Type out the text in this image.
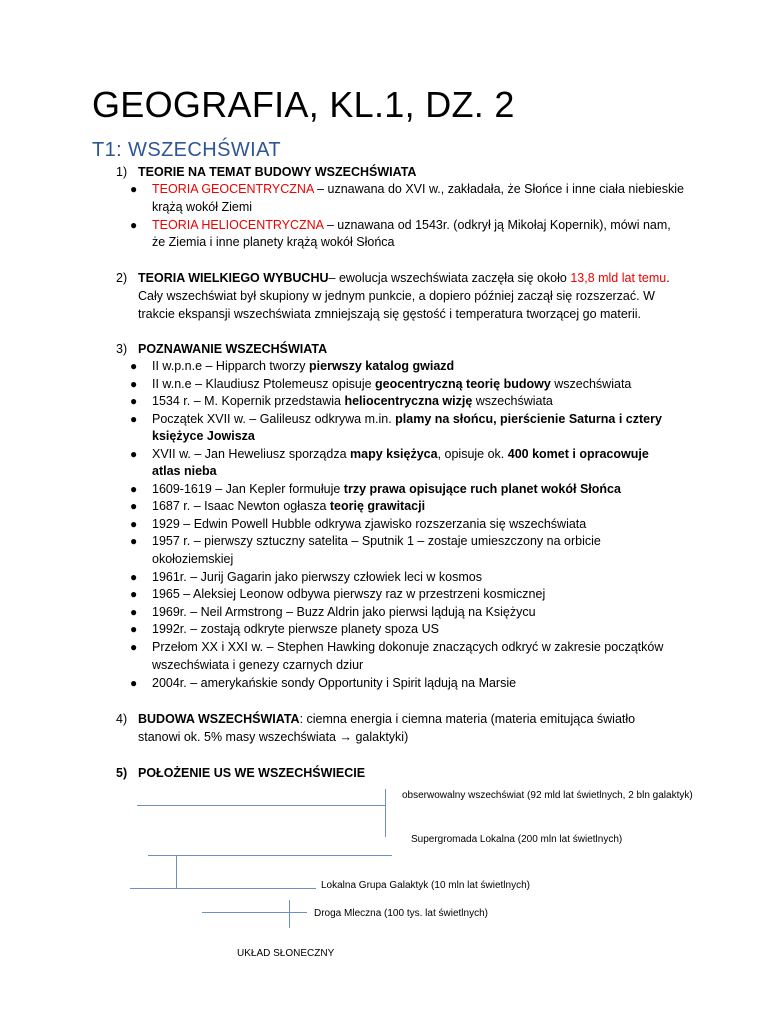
GEOGRAFIA, KL.1, DZ. 2
T1: WSZECHŚWIAT
1) TEORIE NA TEMAT BUDOWY WSZECHŚWIATA
● TEORIA GEOCENTRYCZNA – uznawana do XVI w., zakładała, że Słońce i inne ciała niebieskie
krążą wokół Ziemi
● TEORIA HELIOCENTRYCZNA – uznawana od 1543r. (odkrył ją Mikołaj Kopernik), mówi nam,
że Ziemia i inne planety krążą wokół Słońca
2) TEORIA WIELKIEGO WYBUCHU– ewolucja wszechświata zaczęła się około 13,8 mld lat temu.
Cały wszechświat był skupiony w jednym punkcie, a dopiero później zaczął się rozszerzać. W
trakcie ekspansji wszechświata zmniejszają się gęstość i temperatura tworzącej go materii.
3) POZNAWANIE WSZECHŚWIATA
● II w.p.n.e – Hipparch tworzy pierwszy katalog gwiazd
● II w.n.e – Klaudiusz Ptolemeusz opisuje geocentryczną teorię budowy wszechświata
● 1534 r. – M. Kopernik przedstawia heliocentryczna wizję wszechświata
● Początek XVII w. – Galileusz odkrywa m.in. plamy na słońcu, pierścienie Saturna i cztery
księżyce Jowisza
● XVII w. – Jan Heweliusz sporządza mapy księżyca, opisuje ok. 400 komet i opracowuje
atlas nieba
● 1609-1619 – Jan Kepler formułuje trzy prawa opisujące ruch planet wokół Słońca
● 1687 r. – Isaac Newton ogłasza teorię grawitacji
● 1929 – Edwin Powell Hubble odkrywa zjawisko rozszerzania się wszechświata
● 1957 r. – pierwszy sztuczny satelita – Sputnik 1 – zostaje umieszczony na orbicie
okołoziemskiej
● 1961r. – Jurij Gagarin jako pierwszy człowiek leci w kosmos
● 1965 – Aleksiej Leonow odbywa pierwszy raz w przestrzeni kosmicznej
● 1969r. – Neil Armstrong – Buzz Aldrin jako pierwsi lądują na Księżycu
● 1992r. – zostają odkryte pierwsze planety spoza US
● Przełom XX i XXI w. – Stephen Hawking dokonuje znaczących odkryć w zakresie początków
wszechświata i genezy czarnych dziur
● 2004r. – amerykańskie sondy Opportunity i Spirit lądują na Marsie
4) BUDOWA WSZECHŚWIATA: ciemna energia i ciemna materia (materia emitująca światło
stanowi ok. 5% masy wszechświata → galaktyki)
5) POŁOŻENIE US WE WSZECHŚWIECIE
obserwowalny wszechświat (92 mld lat świetlnych, 2 bln galaktyk)
Supergromada Lokalna (200 mln lat świetlnych)
Lokalna Grupa Galaktyk (10 mln lat świetlnych)
Droga Mleczna (100 tys. lat świetlnych)
UKŁAD SŁONECZNY
